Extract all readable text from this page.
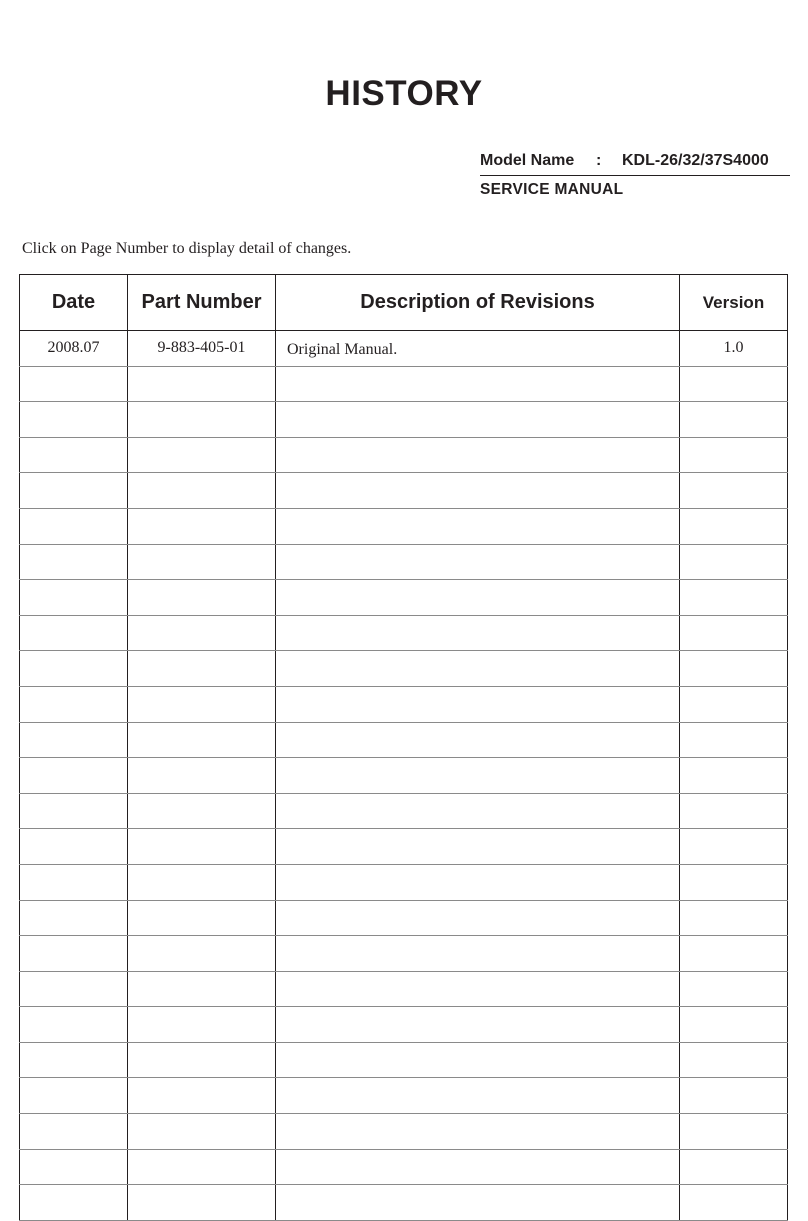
HISTORY
Model Name	:	KDL-26/32/37S4000
SERVICE MANUAL
Click on Page Number to display detail of changes.
Date	Part Number	Description of Revisions	Version
2008.07	9-883-405-01	Original Manual.	1.0
